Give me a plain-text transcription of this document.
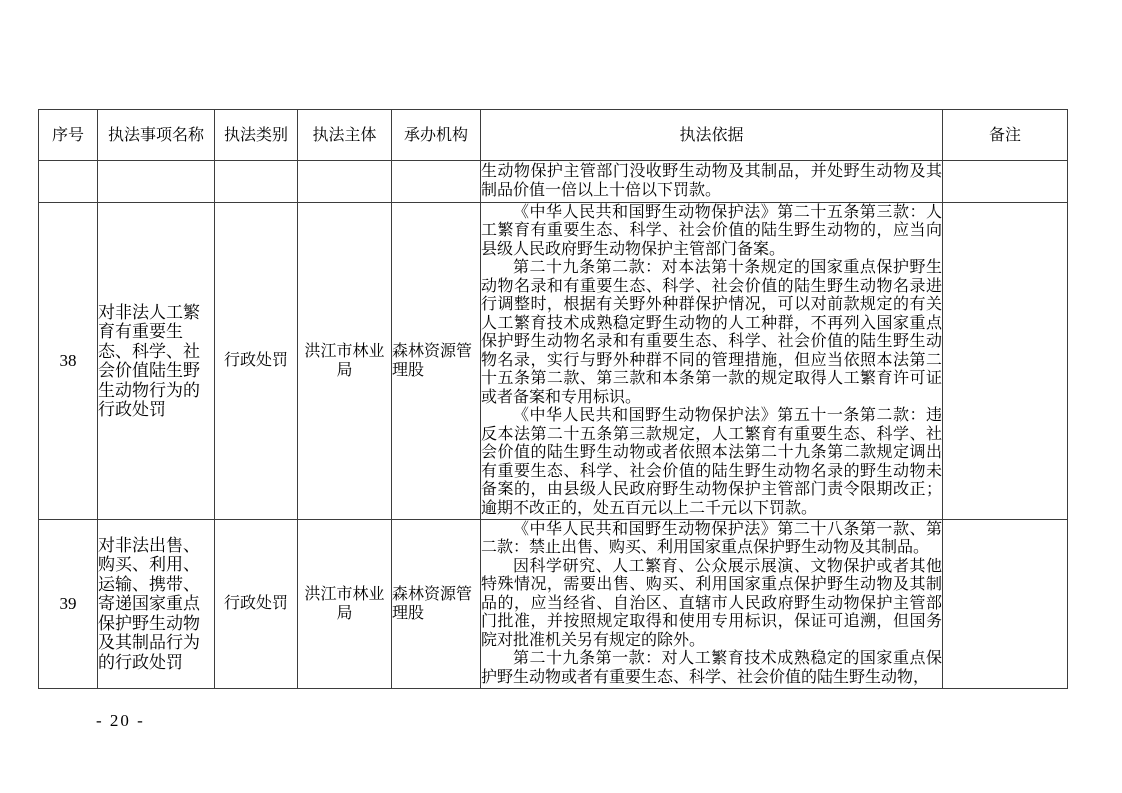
序号	执法事项名称	执法类别	执法主体	承办机构	执法依据	备注

					生动物保护主管部门没收野生动物及其制品，并处野生动物及其制品价值一倍以上十倍以下罚款。	

38	对非法人工繁育有重要生态、科学、社会价值陆生野生动物行为的行政处罚	行政处罚	洪江市林业局	森林资源管理股	《中华人民共和国野生动物保护法》第二十五条第三款：人工繁育有重要生态、科学、社会价值的陆生野生动物的，应当向县级人民政府野生动物保护主管部门备案。

第二十九条第二款：对本法第十条规定的国家重点保护野生动物名录和有重要生态、科学、社会价值的陆生野生动物名录进行调整时，根据有关野外种群保护情况，可以对前款规定的有关人工繁育技术成熟稳定野生动物的人工种群，不再列入国家重点保护野生动物名录和有重要生态、科学、社会价值的陆生野生动物名录，实行与野外种群不同的管理措施，但应当依照本法第二十五条第二款、第三款和本条第一款的规定取得人工繁育许可证或者备案和专用标识。

《中华人民共和国野生动物保护法》第五十一条第二款：违反本法第二十五条第三款规定，人工繁育有重要生态、科学、社会价值的陆生野生动物或者依照本法第二十九条第二款规定调出有重要生态、科学、社会价值的陆生野生动物名录的野生动物未备案的，由县级人民政府野生动物保护主管部门责令限期改正；逾期不改正的，处五百元以上二千元以下罚款。	

39	对非法出售、购买、利用、运输、携带、寄递国家重点保护野生动物及其制品行为的行政处罚	行政处罚	洪江市林业局	森林资源管理股	《中华人民共和国野生动物保护法》第二十八条第一款、第二款：禁止出售、购买、利用国家重点保护野生动物及其制品。

因科学研究、人工繁育、公众展示展演、文物保护或者其他特殊情况，需要出售、购买、利用国家重点保护野生动物及其制品的，应当经省、自治区、直辖市人民政府野生动物保护主管部门批准，并按照规定取得和使用专用标识，保证可追溯，但国务院对批准机关另有规定的除外。

第二十九条第一款：对人工繁育技术成熟稳定的国家重点保护野生动物或者有重要生态、科学、社会价值的陆生野生动物，	

- 20 -
